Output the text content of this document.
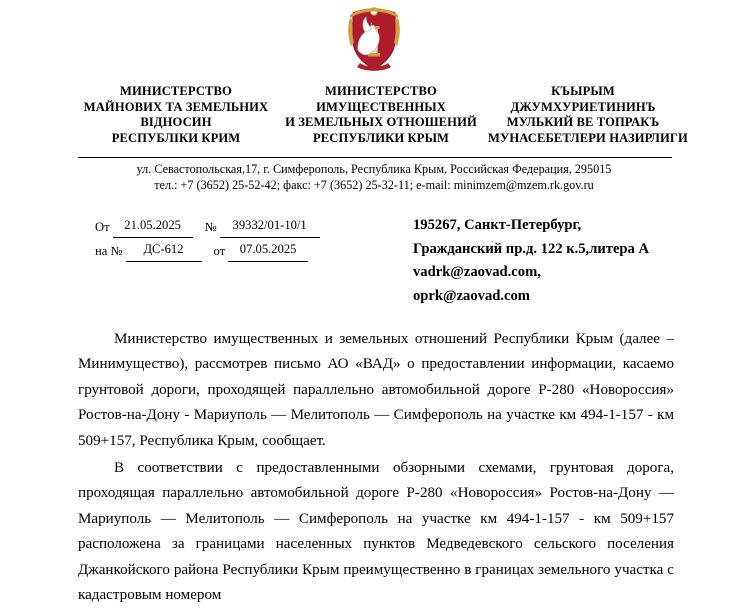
МИНИСТЕРСТВО
МАЙНОВИХ ТА ЗЕМЕЛЬНИХ
ВІДНОСИН
РЕСПУБЛІКИ КРИМ
МИНИСТЕРСТВО
ИМУЩЕСТВЕННЫХ
И ЗЕМЕЛЬНЫХ ОТНОШЕНИЙ
РЕСПУБЛИКИ КРЫМ
КЪЫРЫМ
ДЖУМХУРИЕТИНИНЪ
МУЛЬКИЙ ВЕ ТОПРАКЪ
МУНАСЕБЕТЛЕРИ НАЗИРЛИГИ
ул. Севастопольская,17, г. Симферополь, Республика Крым, Российская Федерация, 295015
тел.: +7 (3652) 25-52-42; факс: +7 (3652) 25-32-11; e-mail: minimzem@mzem.rk.gov.ru
От	21.05.2025	№	39332/01-10/1
на №	ДС-612	от	07.05.2025
195267, Санкт-Петербург,
Гражданский пр.д. 122 к.5,литера А
vadrk@zaovad.com,
oprk@zaovad.com

Министерство имущественных и земельных отношений Республики Крым (далее – Минимущество), рассмотрев письмо АО «ВАД» о предоставлении информации, касаемо грунтовой дороги, проходящей параллельно автомобильной дороге Р-280 «Новороссия» Ростов-на-Дону - Мариуполь — Мелитополь — Симферополь на участке км 494-1-157 - км 509+157, Республика Крым, сообщает.

В соответствии с предоставленными обзорными схемами, грунтовая дорога, проходящая параллельно автомобильной дороге Р-280 «Новороссия» Ростов-на-Дону — Мариуполь — Мелитополь — Симферополь на участке км 494-1-157 - км 509+157 расположена за границами населенных пунктов Медведевского сельского поселения Джанкойского района Республики Крым преимущественно в границах земельного участка с кадастровым номером
